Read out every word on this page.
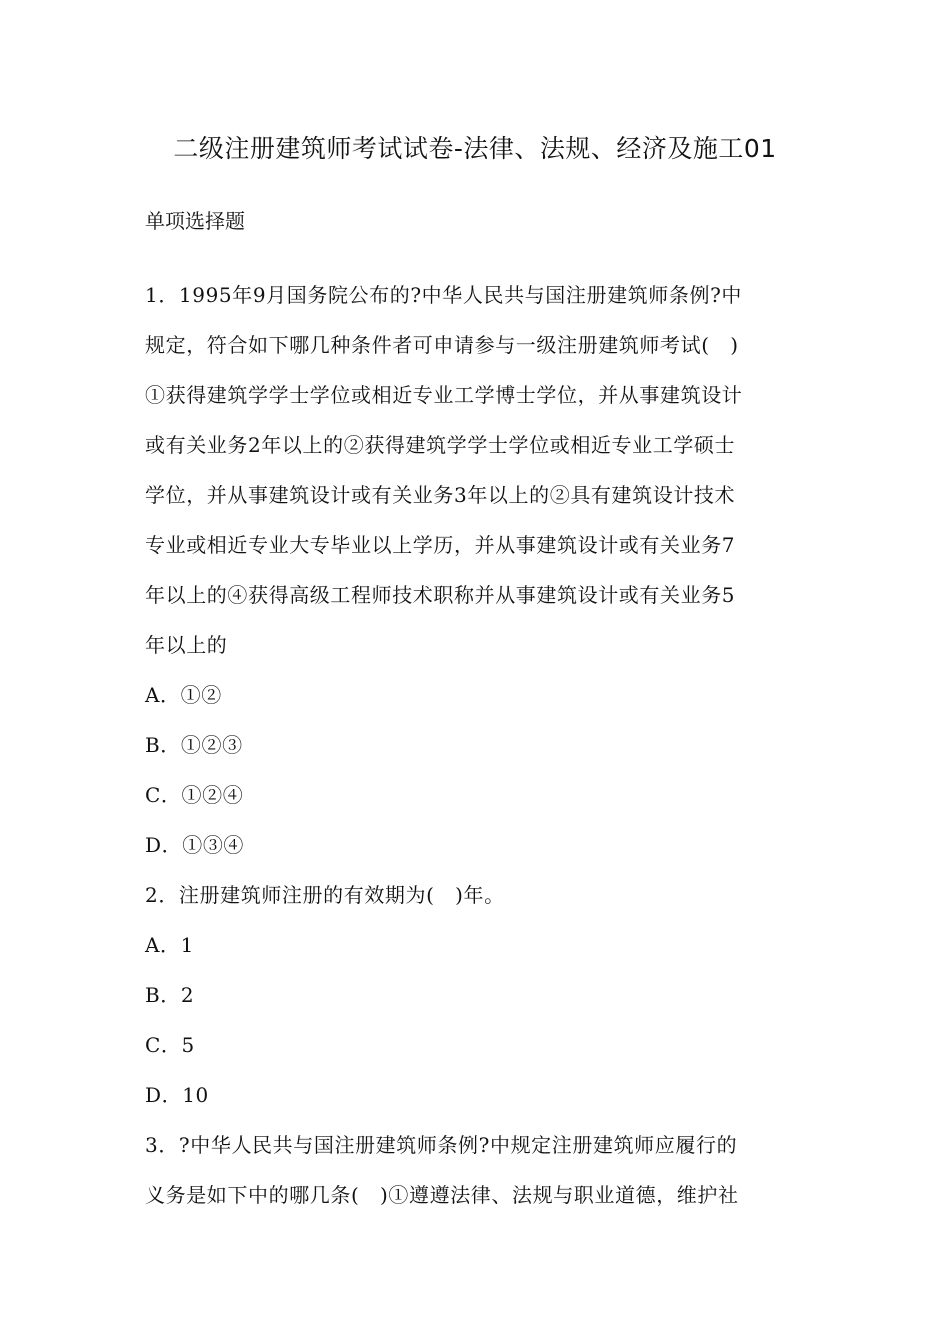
二级注册建筑师考试试卷-法律、法规、经济及施工01
单项选择题
1．1995年9月国务院公布的?中华人民共与国注册建筑师条例?中
规定，符合如下哪几种条件者可申请参与一级注册建筑师考试(　)
①获得建筑学学士学位或相近专业工学博士学位，并从事建筑设计
或有关业务2年以上的②获得建筑学学士学位或相近专业工学硕士
学位，并从事建筑设计或有关业务3年以上的②具有建筑设计技术
专业或相近专业大专毕业以上学历，并从事建筑设计或有关业务7
年以上的④获得高级工程师技术职称并从事建筑设计或有关业务5
年以上的
A．①②
B．①②③
C．①②④
D．①③④
2．注册建筑师注册的有效期为(　)年。
A．1
B．2
C．5
D．10
3．?中华人民共与国注册建筑师条例?中规定注册建筑师应履行的
义务是如下中的哪几条(　)①遵遵法律、法规与职业道德，维护社
